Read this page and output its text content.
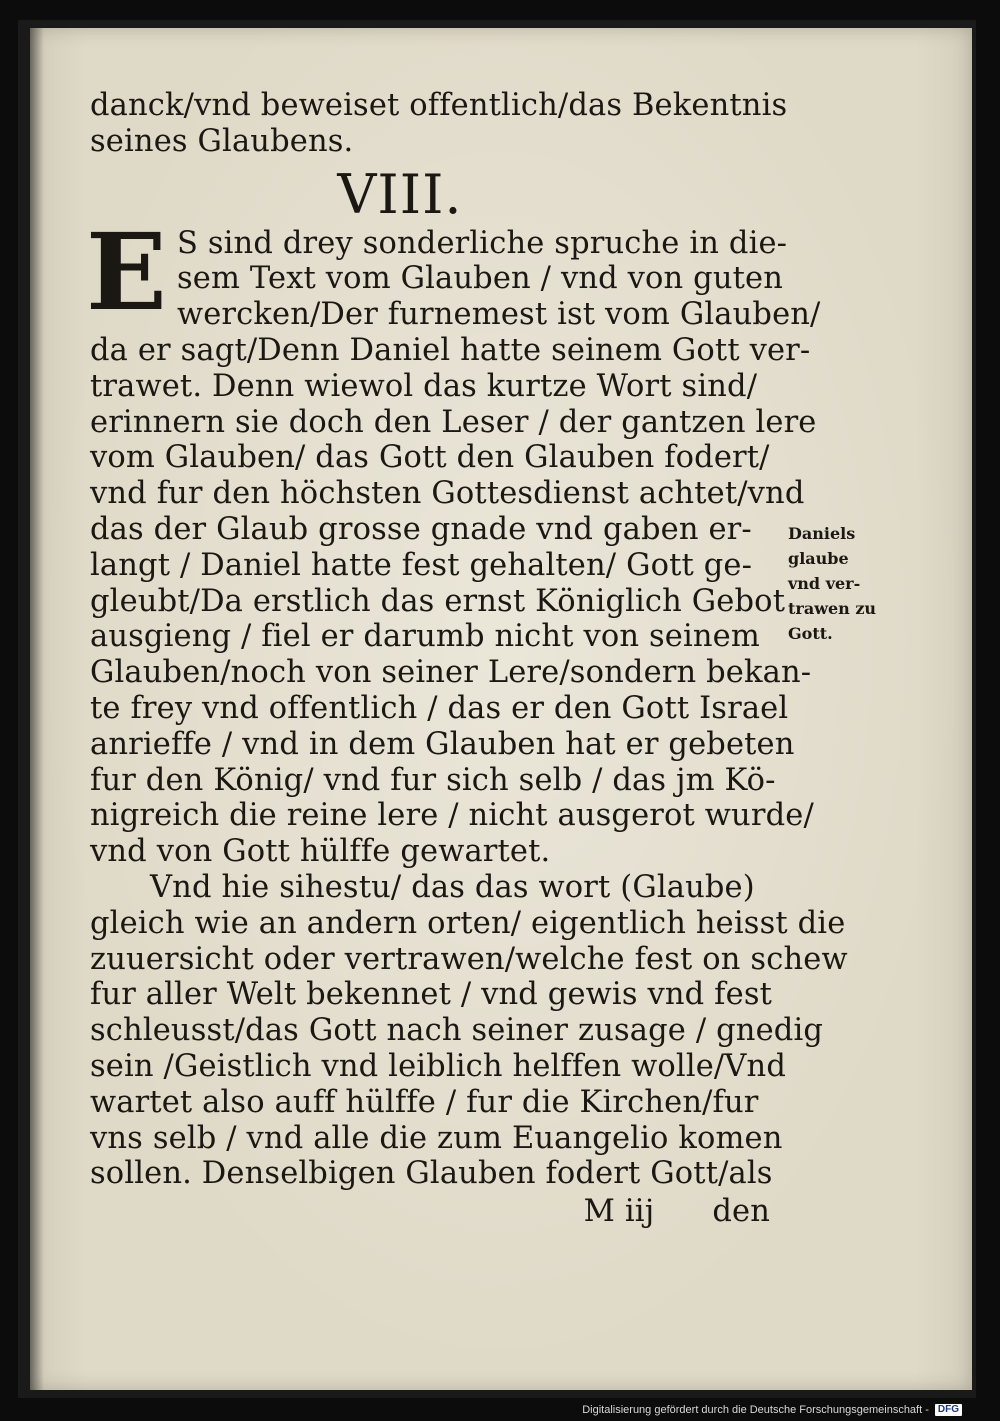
danck/vnd beweiset offentlich/das Bekentnis
seines Glaubens.
VIII.
E S sind drey sonderliche spruche in die-
sem Text vom Glauben / vnd von guten
wercken/Der furnemest ist vom Glauben/
da er sagt/Denn Daniel hatte seinem Gott ver-
trawet. Denn wiewol das kurtze Wort sind/
erinnern sie doch den Leser / der gantzen lere
vom Glauben/ das Gott den Glauben fodert/
vnd fur den höchsten Gottesdienst achtet/vnd
das der Glaub grosse gnade vnd gaben er-
langt / Daniel hatte fest gehalten/ Gott ge-
gleubt/Da erstlich das ernst Königlich Gebot
ausgieng / fiel er darumb nicht von seinem
Glauben/noch von seiner Lere/sondern bekan-
te frey vnd offentlich / das er den Gott Israel
anrieffe / vnd in dem Glauben hat er gebeten
fur den König/ vnd fur sich selb / das jm Kö-
nigreich die reine lere / nicht ausgerot wurde/
vnd von Gott hülffe gewartet.
Vnd hie sihestu/ das das wort (Glaube)
gleich wie an andern orten/ eigentlich heisst die
zuuersicht oder vertrawen/welche fest on schew
fur aller Welt bekennet / vnd gewis vnd fest
schleusst/das Gott nach seiner zusage / gnedig
sein /Geistlich vnd leiblich helffen wolle/Vnd
wartet also auff hülffe / fur die Kirchen/fur
vns selb / vnd alle die zum Euangelio komen
sollen. Denselbigen Glauben fodert Gott/als
M iij den
Daniels
glaube
vnd ver-
trawen zu
Gott.
Digitalisierung gefördert durch die Deutsche Forschungsgemeinschaft - DFG
